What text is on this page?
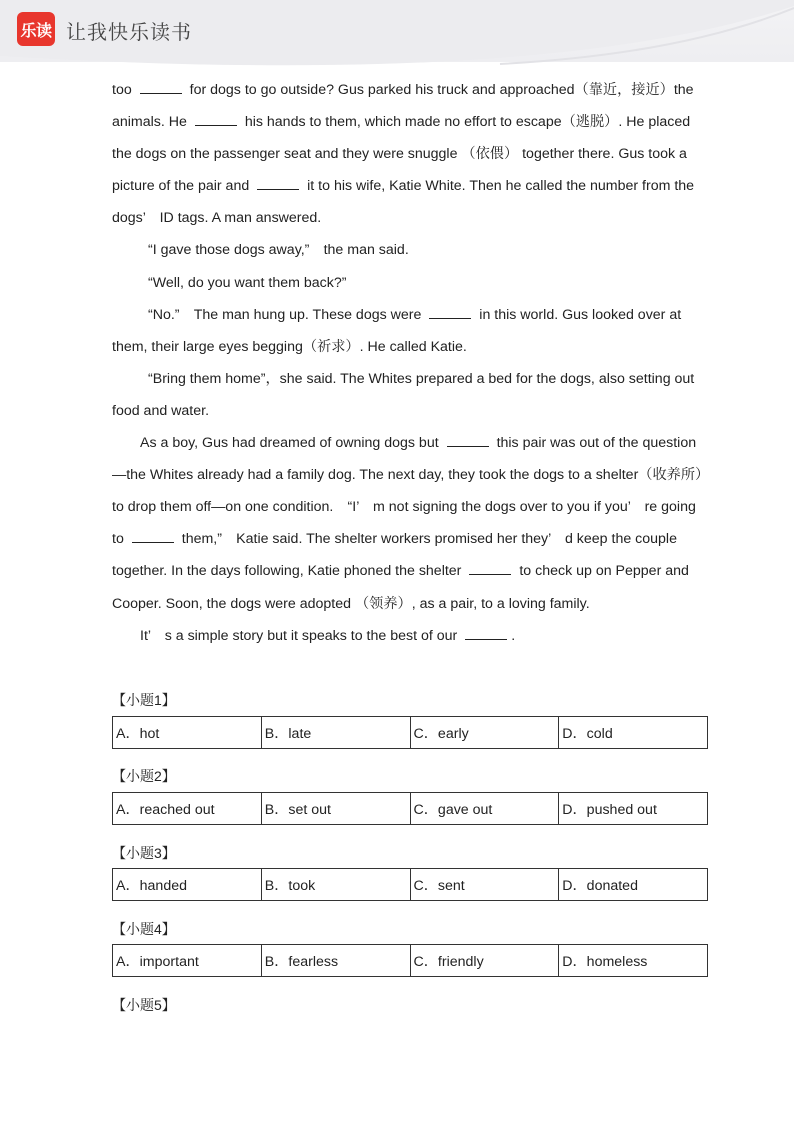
乐读 让我快乐读书

too	for dogs to go outside? Gus parked his truck and approached（靠近，接近）the animals. He	his hands to them, which made no effort to escape（逃脱）. He placed the dogs on the passenger seat and they were snuggle （依偎） together there. Gus took a picture of the pair and	it to his wife, Katie White. Then he called the number from the dogs’　ID tags. A man answered.

“I gave those dogs away,”　the man said.

“Well, do you want them back?”

“No.”　The man hung up. These dogs were	in this world. Gus looked over at them, their large eyes begging（祈求）. He called Katie.

“Bring them home”，she said. The Whites prepared a bed for the dogs, also setting out food and water.

As a boy, Gus had dreamed of owning dogs but	this pair was out of the question—the Whites already had a family dog. The next day, they took the dogs to a shelter（收养所）to drop them off—on one condition.　“I’　m not signing the dogs over to you if you’　re going to	them,”　Katie said. The shelter workers promised her they’　d keep the couple together. In the days following, Katie phoned the shelter	to check up on Pepper and Cooper. Soon, the dogs were adopted （领养）, as a pair, to a loving family.

It’　s a simple story but it speaks to the best of our	.

【小题1】
A．hot	B．late	C．early	D．cold
【小题2】
A．reached out	B．set out	C．gave out	D．pushed out
【小题3】
A．handed	B．took	C．sent	D．donated
【小题4】
A．important	B．fearless	C．friendly	D．homeless
【小题5】
